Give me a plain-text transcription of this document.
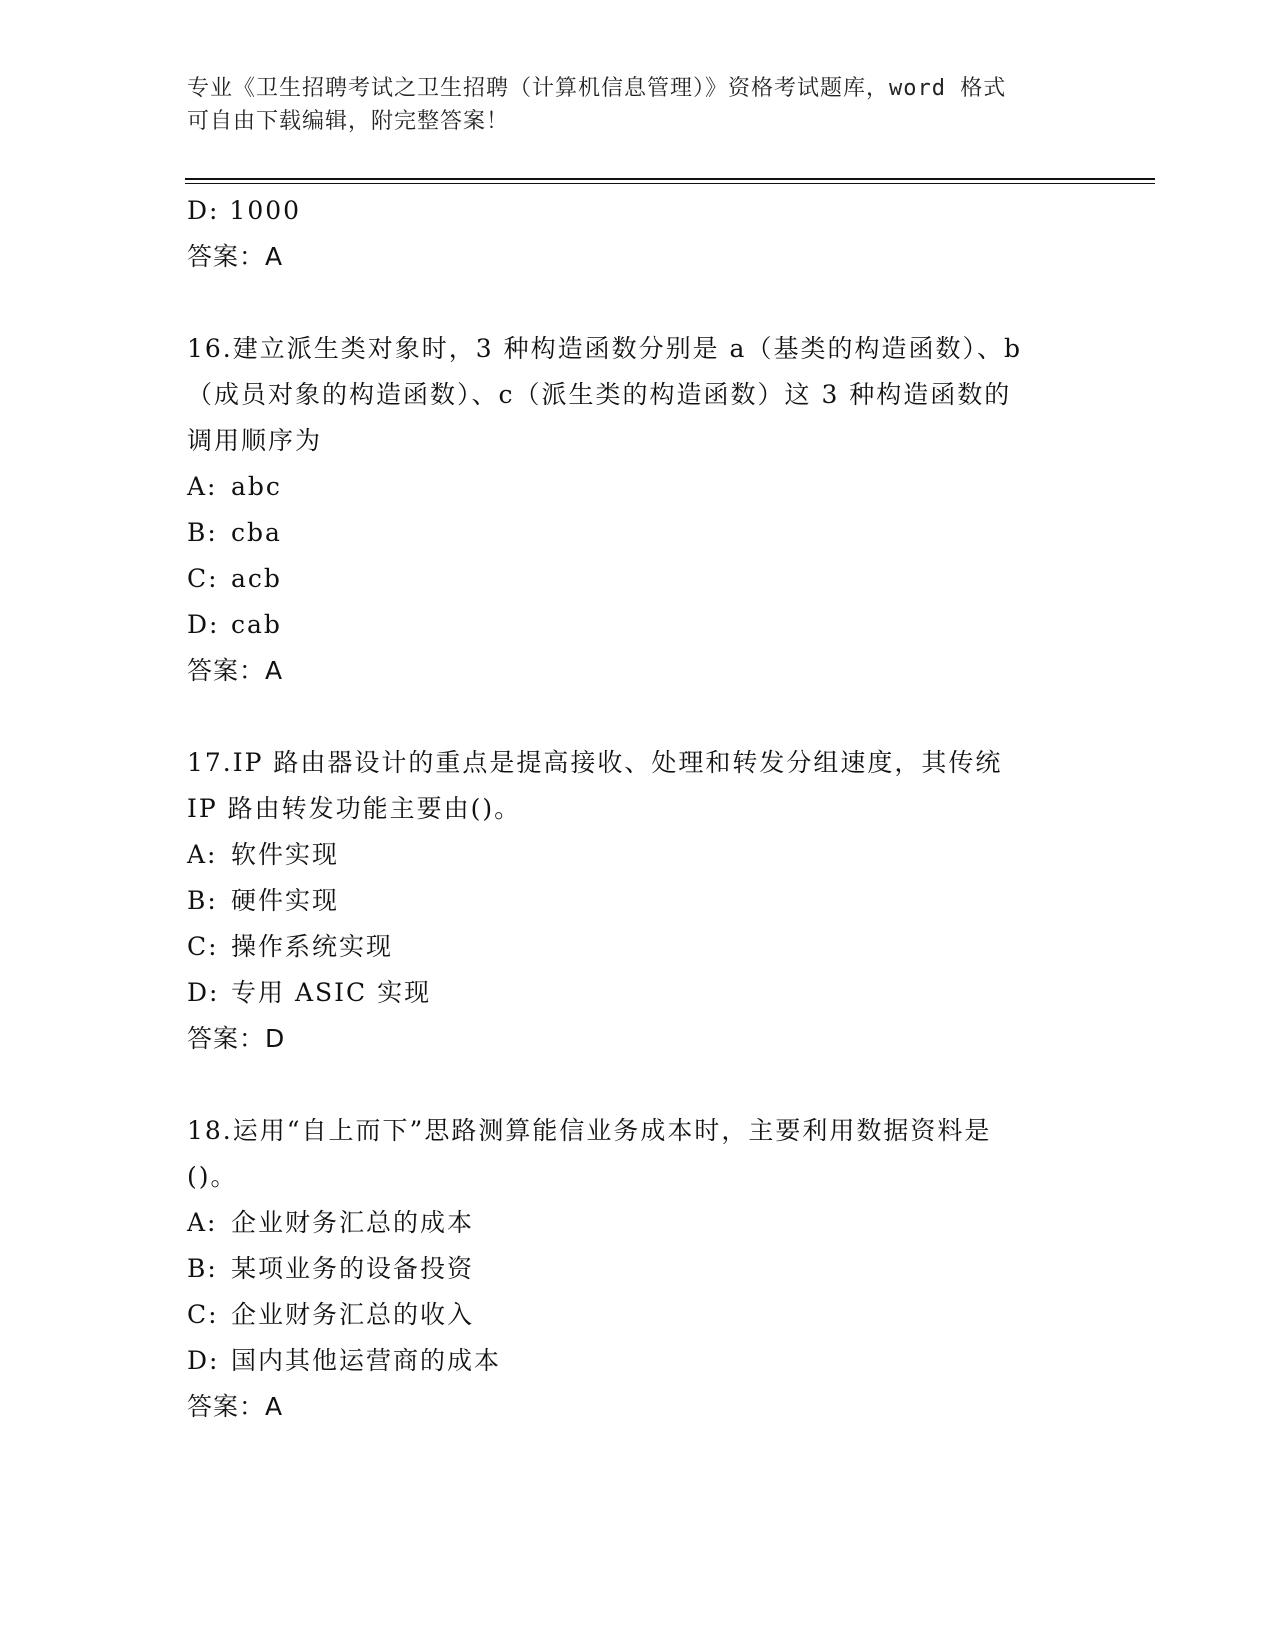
专业《卫生招聘考试之卫生招聘（计算机信息管理）》资格考试题库，word 格式
可自由下载编辑，附完整答案！
D: 1000
答案：A
16.建立派生类对象时，3 种构造函数分别是 a（基类的构造函数）、b
（成员对象的构造函数）、c（派生类的构造函数）这 3 种构造函数的
调用顺序为
A: abc
B: cba
C: acb
D: cab
答案：A
17.IP 路由器设计的重点是提高接收、处理和转发分组速度，其传统
IP 路由转发功能主要由()。
A: 软件实现
B: 硬件实现
C: 操作系统实现
D: 专用 ASIC 实现
答案：D
18.运用“自上而下”思路测算能信业务成本时，主要利用数据资料是
()。
A: 企业财务汇总的成本
B: 某项业务的设备投资
C: 企业财务汇总的收入
D: 国内其他运营商的成本
答案：A
